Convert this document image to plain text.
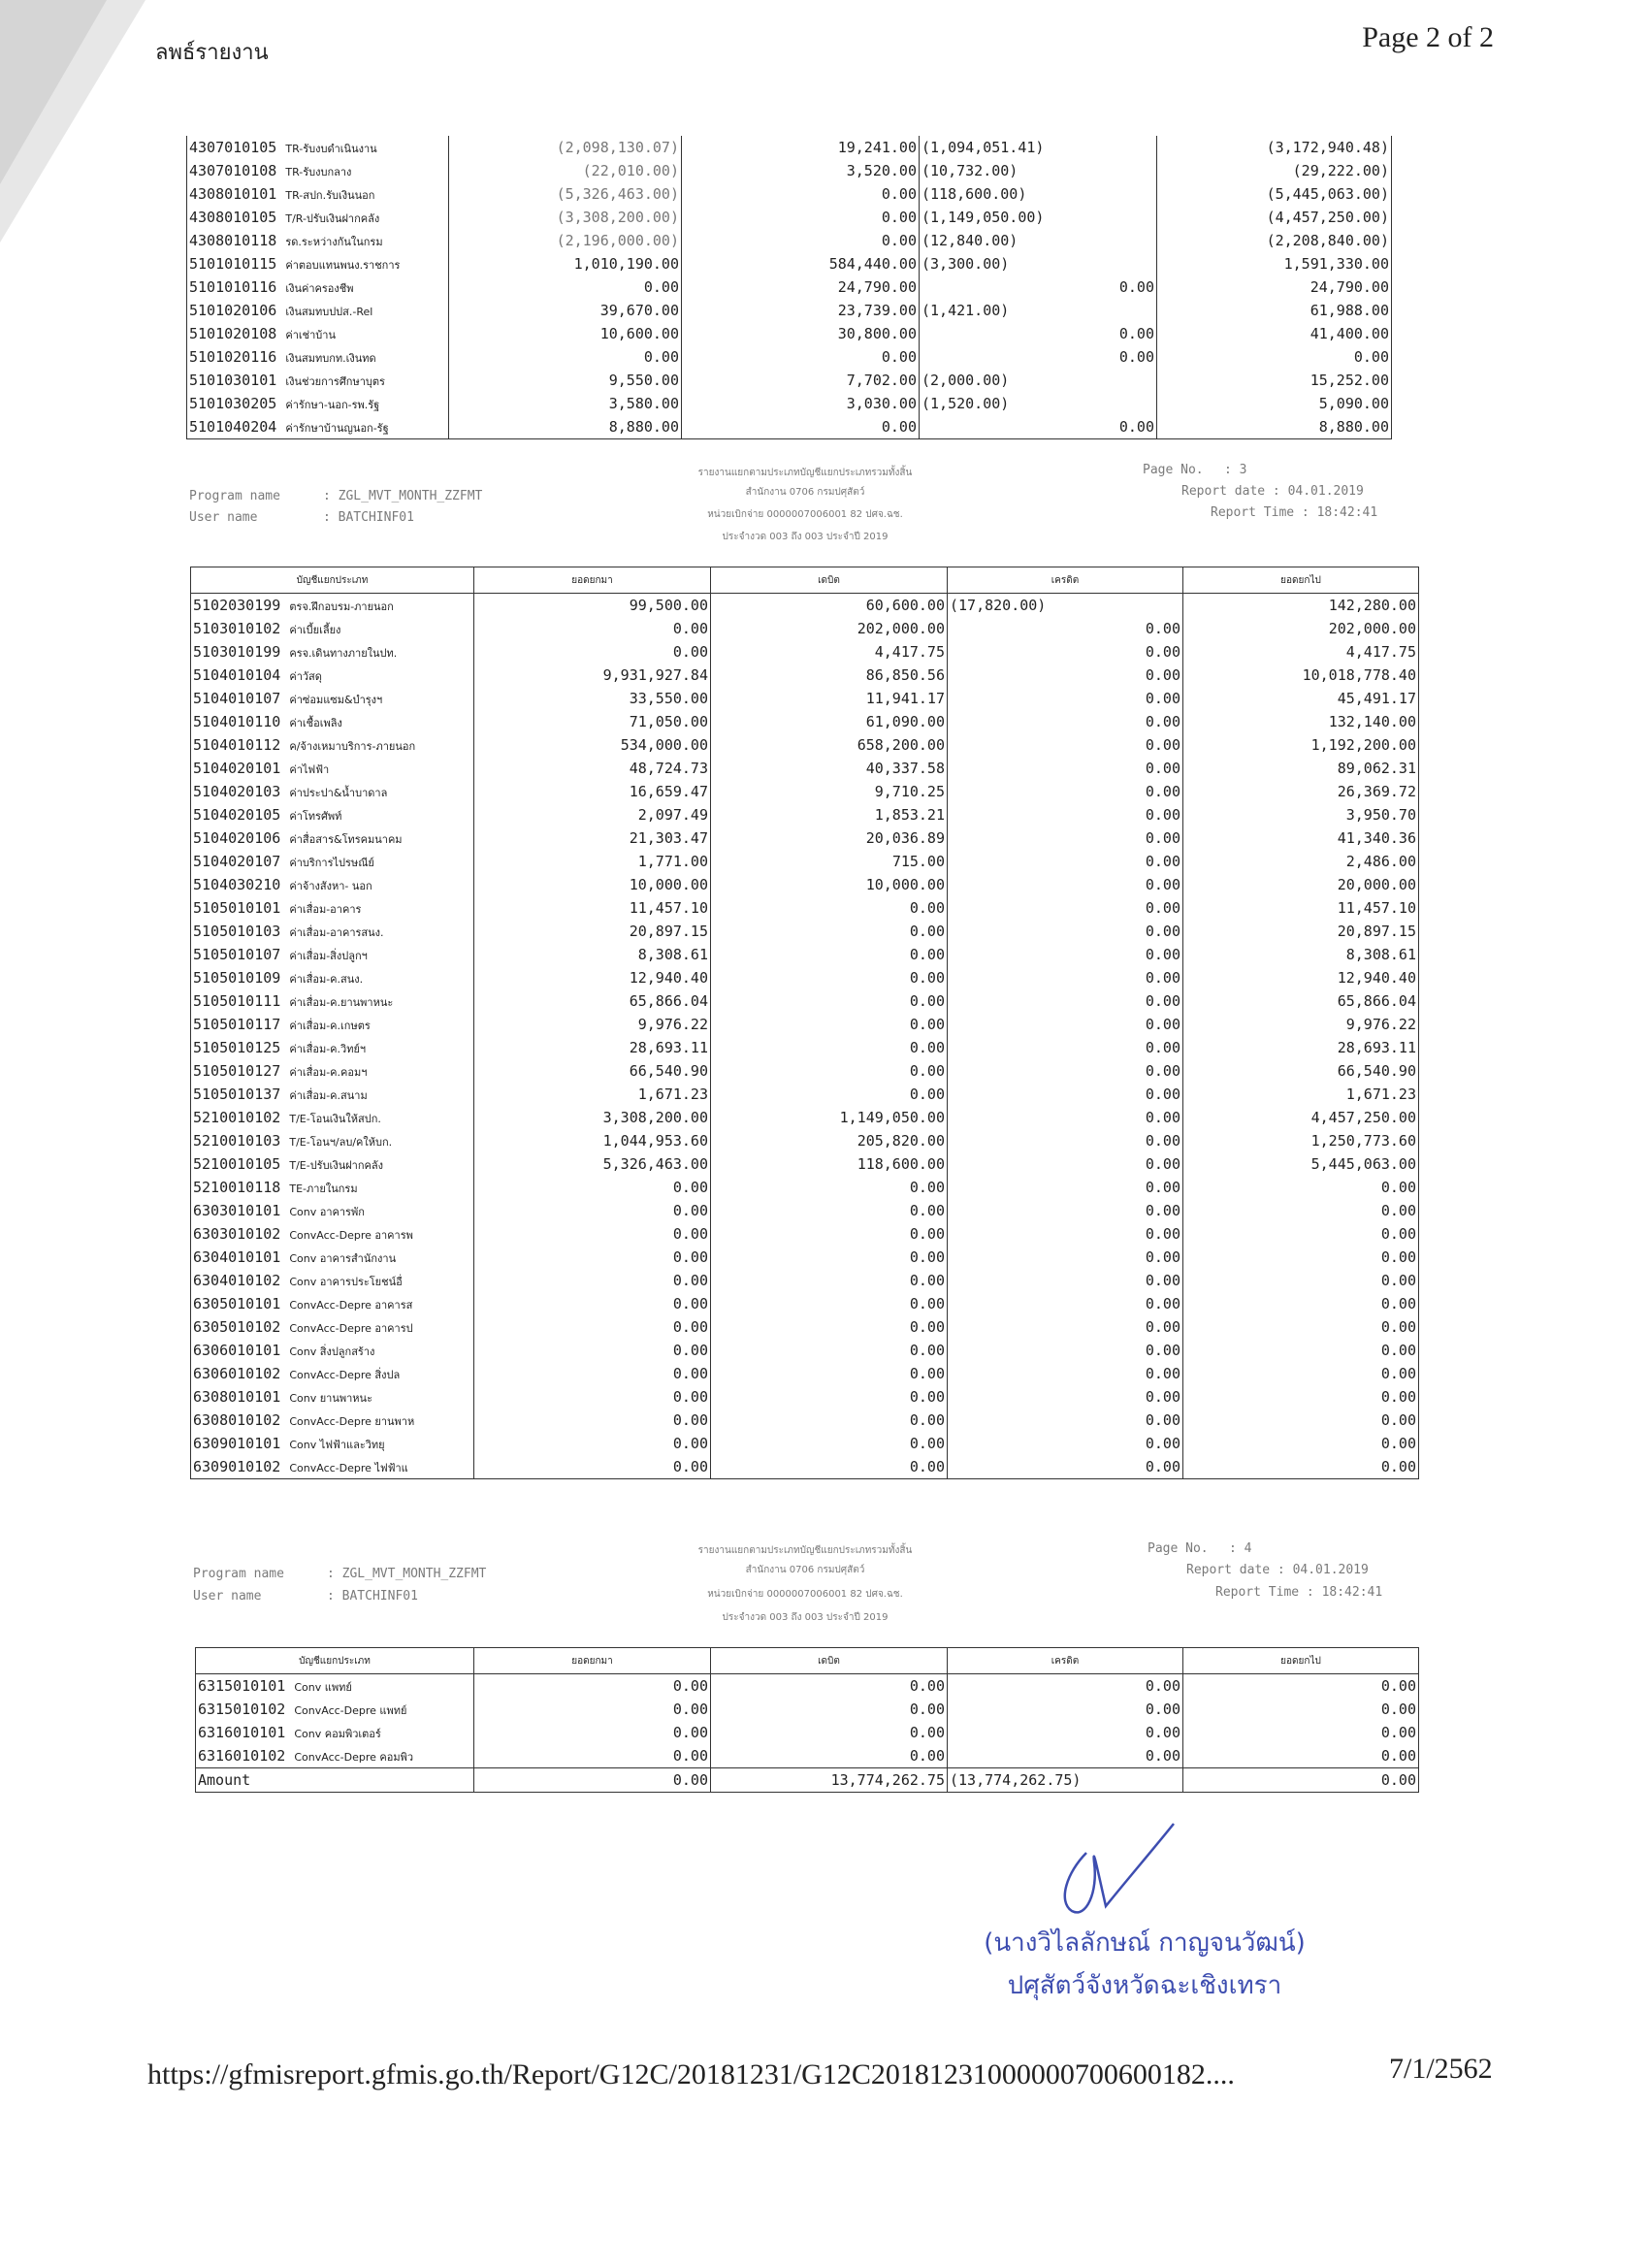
ลพธ์รายงาน	Page 2 of 2
4307010105 TR-รับงบดำเนินงาน	(2,098,130.07)	19,241.00	(1,094,051.41)	(3,172,940.48)
4307010108 TR-รับงบกลาง	(22,010.00)	3,520.00	(10,732.00)	(29,222.00)
4308010101 TR-สปก.รับเงินนอก	(5,326,463.00)	0.00	(118,600.00)	(5,445,063.00)
4308010105 T/R-ปรับเงินฝากคลัง	(3,308,200.00)	0.00	(1,149,050.00)	(4,457,250.00)
4308010118 รด.ระหว่างกันในกรม	(2,196,000.00)	0.00	(12,840.00)	(2,208,840.00)
5101010115 ค่าตอบแทนพนง.ราชการ	1,010,190.00	584,440.00	(3,300.00)	1,591,330.00
5101010116 เงินค่าครองชีพ	0.00	24,790.00	0.00	24,790.00
5101020106 เงินสมทบปปส.-Rel	39,670.00	23,739.00	(1,421.00)	61,988.00
5101020108 ค่าเช่าบ้าน	10,600.00	30,800.00	0.00	41,400.00
5101020116 เงินสมทบกท.เงินทด	0.00	0.00	0.00	0.00
5101030101 เงินช่วยการศึกษาบุตร	9,550.00	7,702.00	(2,000.00)	15,252.00
5101030205 ค่ารักษา-นอก-รพ.รัฐ	3,580.00	3,030.00	(1,520.00)	5,090.00
5101040204 ค่ารักษาบ้านญนอก-รัฐ	8,880.00	0.00	0.00	8,880.00
รายงานแยกตามประเภทบัญชีแยกประเภทรวมทั้งสิ้น
สำนักงาน 0706 กรมปศุสัตว์
หน่วยเบิกจ่าย 0000007006001 82 ปศจ.ฉช.
ประจำงวด 003 ถึง 003 ประจำปี 2019
Program name	: ZGL_MVT_MONTH_ZZFMT
User name	: BATCHINF01
Page No. : 3
Report date : 04.01.2019
Report Time : 18:42:41
บัญชีแยกประเภท	ยอดยกมา	เดบิต	เครดิต	ยอดยกไป
5102030199 ตรจ.ฝึกอบรม-ภายนอก	99,500.00	60,600.00	(17,820.00)	142,280.00
5103010102 ค่าเบี้ยเลี้ยง	0.00	202,000.00	0.00	202,000.00
5103010199 ครจ.เดินทางภายในปท.	0.00	4,417.75	0.00	4,417.75
5104010104 ค่าวัสดุ	9,931,927.84	86,850.56	0.00	10,018,778.40
5104010107 ค่าซ่อมแซม&บำรุงฯ	33,550.00	11,941.17	0.00	45,491.17
5104010110 ค่าเชื้อเพลิง	71,050.00	61,090.00	0.00	132,140.00
5104010112 ค/จ้างเหมาบริการ-ภายนอก	534,000.00	658,200.00	0.00	1,192,200.00
5104020101 ค่าไฟฟ้า	48,724.73	40,337.58	0.00	89,062.31
5104020103 ค่าประปา&น้ำบาดาล	16,659.47	9,710.25	0.00	26,369.72
5104020105 ค่าโทรศัพท์	2,097.49	1,853.21	0.00	3,950.70
5104020106 ค่าสื่อสาร&โทรคมนาคม	21,303.47	20,036.89	0.00	41,340.36
5104020107 ค่าบริการไปรษณีย์	1,771.00	715.00	0.00	2,486.00
5104030210 ค่าจ้างสังหา- นอก	10,000.00	10,000.00	0.00	20,000.00
5105010101 ค่าเสื่อม-อาคาร	11,457.10	0.00	0.00	11,457.10
5105010103 ค่าเสื่อม-อาคารสนง.	20,897.15	0.00	0.00	20,897.15
5105010107 ค่าเสื่อม-สิ่งปลูกฯ	8,308.61	0.00	0.00	8,308.61
5105010109 ค่าเสื่อม-ค.สนง.	12,940.40	0.00	0.00	12,940.40
5105010111 ค่าเสื่อม-ค.ยานพาหนะ	65,866.04	0.00	0.00	65,866.04
5105010117 ค่าเสื่อม-ค.เกษตร	9,976.22	0.00	0.00	9,976.22
5105010125 ค่าเสื่อม-ค.วิทย์ฯ	28,693.11	0.00	0.00	28,693.11
5105010127 ค่าเสื่อม-ค.คอมฯ	66,540.90	0.00	0.00	66,540.90
5105010137 ค่าเสื่อม-ค.สนาม	1,671.23	0.00	0.00	1,671.23
5210010102 T/E-โอนเงินให้สปก.	3,308,200.00	1,149,050.00	0.00	4,457,250.00
5210010103 T/E-โอนฯ/ลบ/คให้บก.	1,044,953.60	205,820.00	0.00	1,250,773.60
5210010105 T/E-ปรับเงินฝากคลัง	5,326,463.00	118,600.00	0.00	5,445,063.00
5210010118 TE-ภายในกรม	0.00	0.00	0.00	0.00
6303010101 Conv อาคารพัก	0.00	0.00	0.00	0.00
6303010102 ConvAcc-Depre อาคารพ	0.00	0.00	0.00	0.00
6304010101 Conv อาคารสำนักงาน	0.00	0.00	0.00	0.00
6304010102 Conv อาคารประโยชน์อื่	0.00	0.00	0.00	0.00
6305010101 ConvAcc-Depre อาคารส	0.00	0.00	0.00	0.00
6305010102 ConvAcc-Depre อาคารป	0.00	0.00	0.00	0.00
6306010101 Conv สิ่งปลูกสร้าง	0.00	0.00	0.00	0.00
6306010102 ConvAcc-Depre สิ่งปล	0.00	0.00	0.00	0.00
6308010101 Conv ยานพาหนะ	0.00	0.00	0.00	0.00
6308010102 ConvAcc-Depre ยานพาห	0.00	0.00	0.00	0.00
6309010101 Conv ไฟฟ้าและวิทยุ	0.00	0.00	0.00	0.00
6309010102 ConvAcc-Depre ไฟฟ้าแ	0.00	0.00	0.00	0.00
รายงานแยกตามประเภทบัญชีแยกประเภทรวมทั้งสิ้น
สำนักงาน 0706 กรมปศุสัตว์
หน่วยเบิกจ่าย 0000007006001 82 ปศจ.ฉช.
ประจำงวด 003 ถึง 003 ประจำปี 2019
Program name	: ZGL_MVT_MONTH_ZZFMT
User name	: BATCHINF01
Page No. : 4
Report date : 04.01.2019
Report Time : 18:42:41
บัญชีแยกประเภท	ยอดยกมา	เดบิต	เครดิต	ยอดยกไป
6315010101 Conv แพทย์	0.00	0.00	0.00	0.00
6315010102 ConvAcc-Depre แพทย์	0.00	0.00	0.00	0.00
6316010101 Conv คอมพิวเตอร์	0.00	0.00	0.00	0.00
6316010102 ConvAcc-Depre คอมพิว	0.00	0.00	0.00	0.00
Amount	0.00	13,774,262.75	(13,774,262.75)	0.00
(นางวิไลลักษณ์ กาญจนวัฒน์)
ปศุสัตว์จังหวัดฉะเชิงเทรา
https://gfmisreport.gfmis.go.th/Report/G12C/20181231/G12C20181231000000700600182....	7/1/2562
